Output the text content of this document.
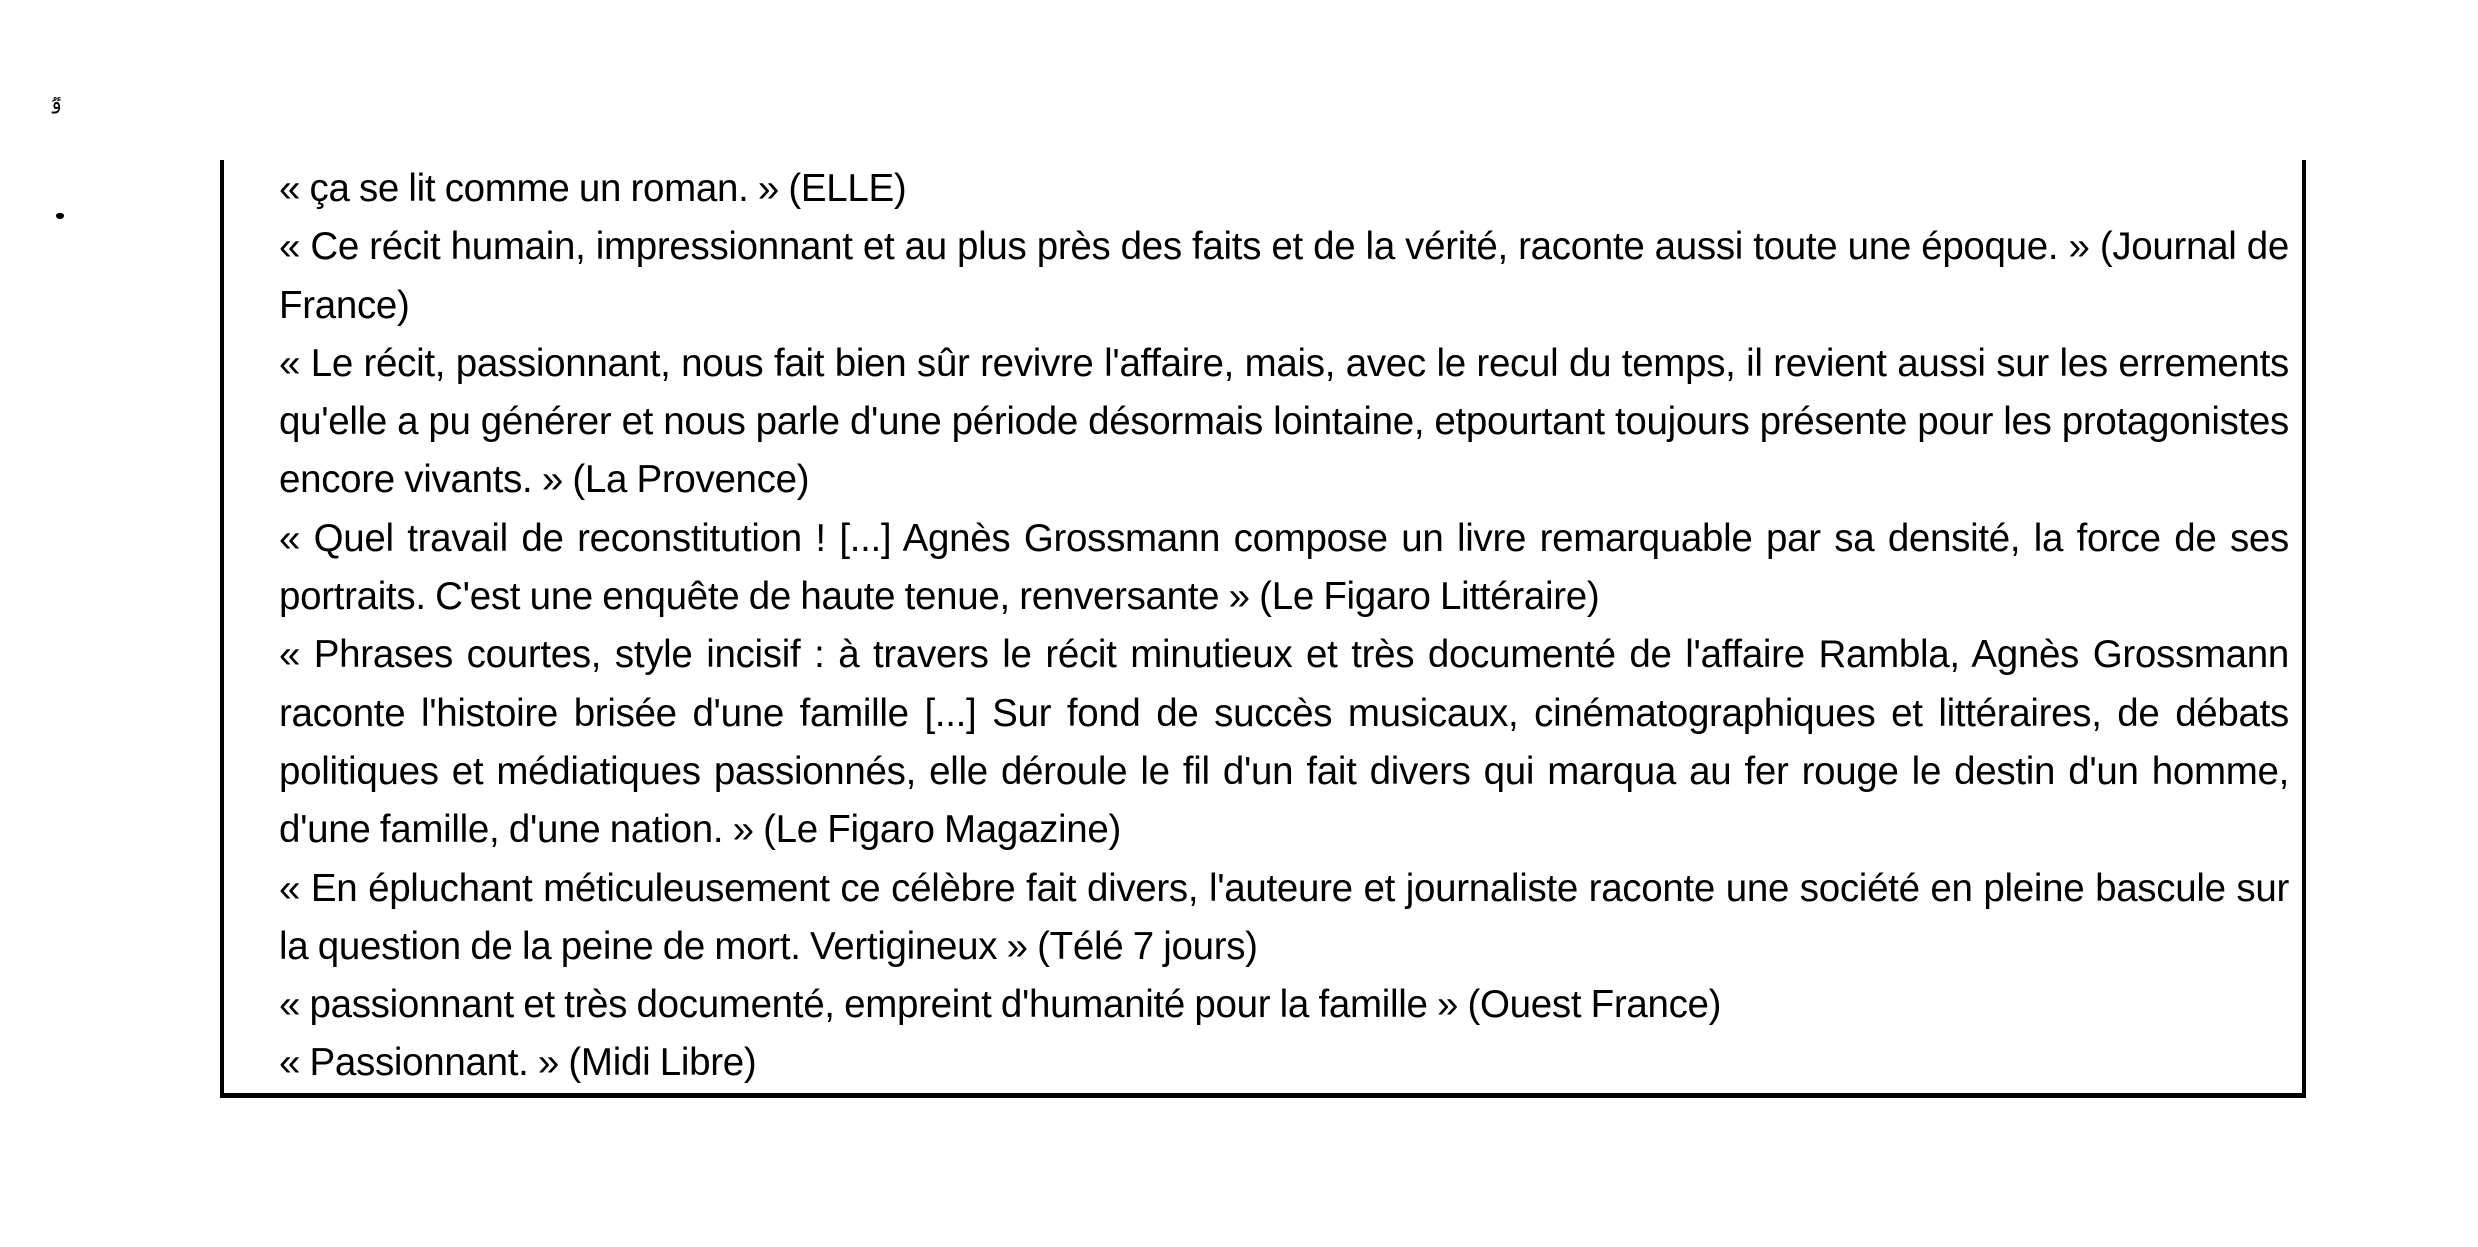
ٷ

« ça se lit comme un roman. » (ELLE)

« Ce récit humain, impressionnant et au plus près des faits et de la vérité, raconte aussi toute une époque. » (Journal de France)

« Le récit, passionnant, nous fait bien sûr revivre l'affaire, mais, avec le recul du temps, il revient aussi sur les errements qu'elle a pu générer et nous parle d'une période désormais lointaine, etpourtant toujours présente pour les protagonistes encore vivants. » (La Provence)

« Quel travail de reconstitution ! [...] Agnès Grossmann compose un livre remarquable par sa densité, la force de ses portraits. C'est une enquête de haute tenue, renversante » (Le Figaro Littéraire)

« Phrases courtes, style incisif : à travers le récit minutieux et très documenté de l'affaire Rambla, Agnès Grossmann raconte l'histoire brisée d'une famille [...] Sur fond de succès musicaux, cinématographiques et littéraires, de débats politiques et médiatiques passionnés, elle déroule le fil d'un fait divers qui marqua au fer rouge le destin d'un homme, d'une famille, d'une nation. » (Le Figaro Magazine)

« En épluchant méticuleusement ce célèbre fait divers, l'auteure et journaliste raconte une société en pleine bascule sur la question de la peine de mort. Vertigineux » (Télé 7 jours)

« passionnant et très documenté, empreint d'humanité pour la famille » (Ouest France)

« Passionnant. » (Midi Libre)
